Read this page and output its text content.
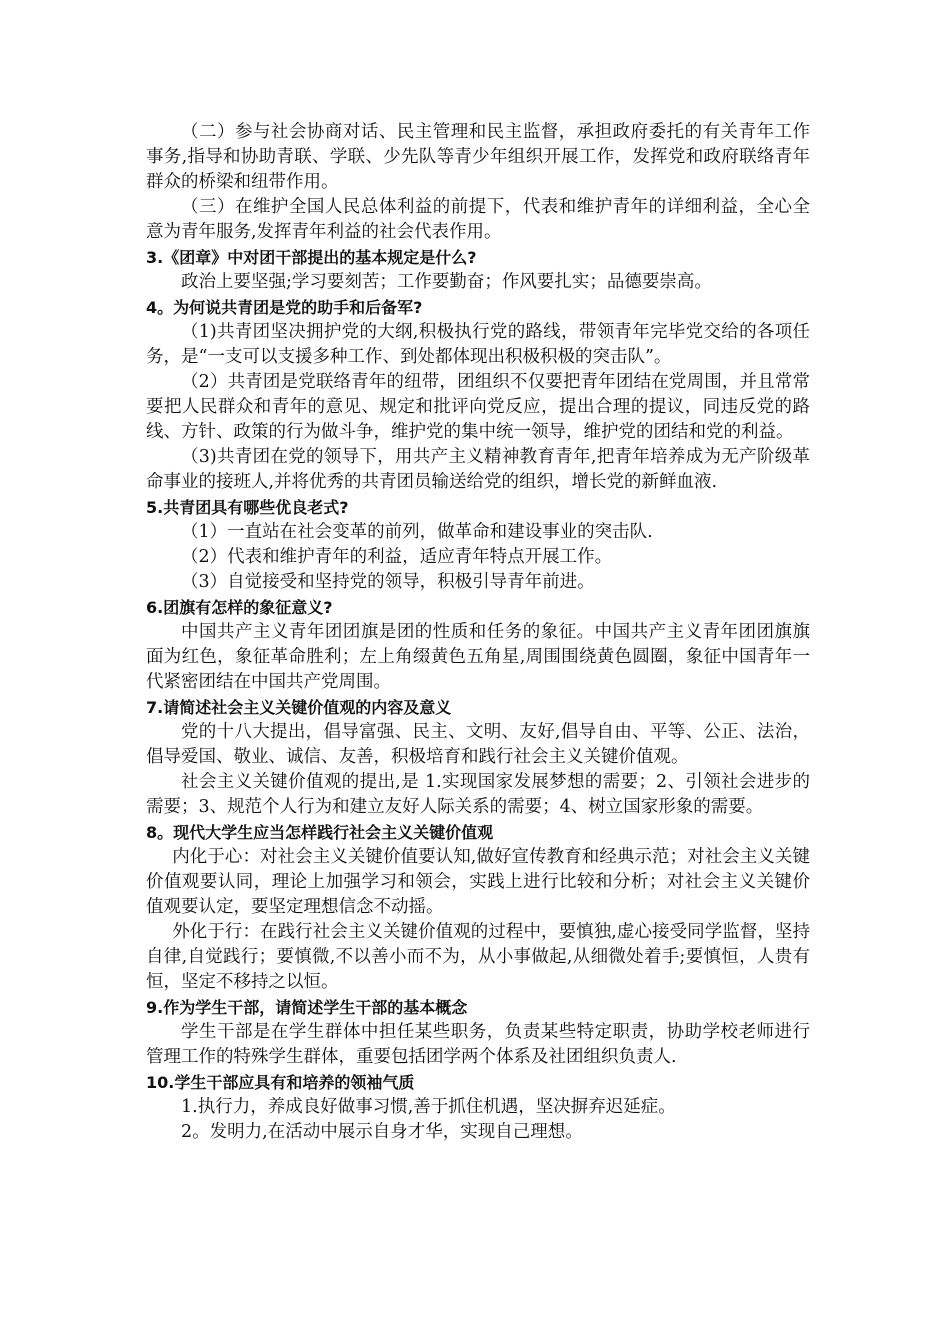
（二）参与社会协商对话、民主管理和民主监督，承担政府委托的有关青年工作事务,指导和协助青联、学联、少先队等青少年组织开展工作，发挥党和政府联络青年群众的桥梁和纽带作用。

（三）在维护全国人民总体利益的前提下，代表和维护青年的详细利益，全心全意为青年服务,发挥青年利益的社会代表作用。

3.《团章》中对团干部提出的基本规定是什么?

政治上要坚强;学习要刻苦；工作要勤奋；作风要扎实；品德要崇高。

4。为何说共青团是党的助手和后备军?

（1)共青团坚决拥护党的大纲,积极执行党的路线，带领青年完毕党交给的各项任务，是“一支可以支援多种工作、到处都体现出积极积极的突击队”。

（2）共青团是党联络青年的纽带，团组织不仅要把青年团结在党周围，并且常常要把人民群众和青年的意见、规定和批评向党反应，提出合理的提议，同违反党的路线、方针、政策的行为做斗争，维护党的集中统一领导，维护党的团结和党的利益。

（3)共青团在党的领导下，用共产主义精神教育青年,把青年培养成为无产阶级革命事业的接班人,并将优秀的共青团员输送给党的组织，增长党的新鲜血液.

5.共青团具有哪些优良老式?

（1）一直站在社会变革的前列，做革命和建设事业的突击队.

（2）代表和维护青年的利益，适应青年特点开展工作。

（3）自觉接受和坚持党的领导，积极引导青年前进。

6.团旗有怎样的象征意义?

中国共产主义青年团团旗是团的性质和任务的象征。中国共产主义青年团团旗旗面为红色，象征革命胜利；左上角缀黄色五角星,周围围绕黄色圆圈，象征中国青年一代紧密团结在中国共产党周围。

7.请简述社会主义关键价值观的内容及意义

党的十八大提出，倡导富强、民主、文明、友好,倡导自由、平等、公正、法治，倡导爱国、敬业、诚信、友善，积极培育和践行社会主义关键价值观。

社会主义关键价值观的提出,是 1.实现国家发展梦想的需要；2、引领社会进步的需要；3、规范个人行为和建立友好人际关系的需要；4、树立国家形象的需要。

8。现代大学生应当怎样践行社会主义关键价值观

内化于心：对社会主义关键价值要认知,做好宣传教育和经典示范；对社会主义关键价值观要认同，理论上加强学习和领会，实践上进行比较和分析；对社会主义关键价值观要认定，要坚定理想信念不动摇。

外化于行：在践行社会主义关键价值观的过程中，要慎独,虚心接受同学监督，坚持自律,自觉践行；要慎微,不以善小而不为，从小事做起,从细微处着手;要慎恒，人贵有恒，坚定不移持之以恒。

9.作为学生干部，请简述学生干部的基本概念

学生干部是在学生群体中担任某些职务，负责某些特定职责，协助学校老师进行管理工作的特殊学生群体，重要包括团学两个体系及社团组织负责人.

10.学生干部应具有和培养的领袖气质

1.执行力，养成良好做事习惯,善于抓住机遇，坚决摒弃迟延症。

2。发明力,在活动中展示自身才华，实现自己理想。
